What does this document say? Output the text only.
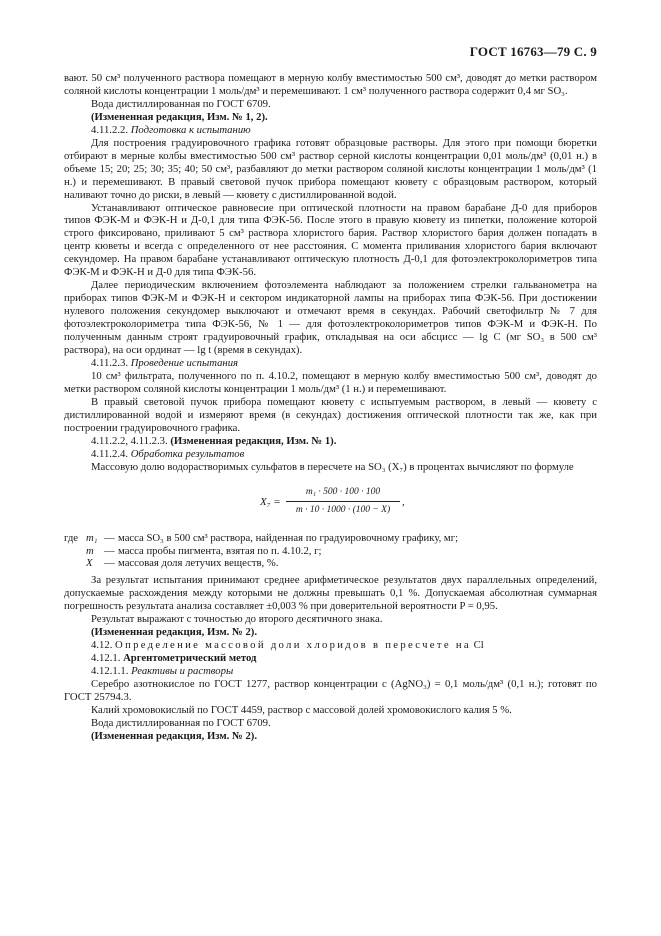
ГОСТ 16763—79 С. 9

вают. 50 см³ полученного раствора помещают в мерную колбу вместимостью 500 см³, доводят до метки раствором соляной кислоты концентрации 1 моль/дм³ и перемешивают. 1 см³ полученного раствора содержит 0,4 мг SO₃.

Вода дистиллированная по ГОСТ 6709.

(Измененная редакция, Изм. № 1, 2).

4.11.2.2. Подготовка к испытанию

Для построения градуировочного графика готовят образцовые растворы. Для этого при помощи бюретки отбирают в мерные колбы вместимостью 500 см³ раствор серной кислоты концентрации 0,01 моль/дм³ (0,01 н.) в объеме 15; 20; 25; 30; 35; 40; 50 см³, разбавляют до метки раствором соляной кислоты концентрации 1 моль/дм³ (1 н.) и перемешивают. В правый световой пучок прибора помещают кювету с образцовым раствором, который наливают точно до риски, в левый — кювету с дистиллированной водой.

Устанавливают оптическое равновесие при оптической плотности на правом барабане Д-0 для приборов типов ФЭК-М и ФЭК-Н и Д-0,1 для типа ФЭК-56. После этого в правую кювету из пипетки, положение которой строго фиксировано, приливают 5 см³ раствора хлористого бария. Раствор хлористого бария должен попадать в центр кюветы и всегда с определенного от нее расстояния. С момента приливания хлористого бария включают секундомер. На правом барабане устанавливают оптическую плотность Д-0,1 для фотоэлектроколориметров типа ФЭК-М и ФЭК-Н и Д-0 для типа ФЭК-56.

Далее периодическим включением фотоэлемента наблюдают за положением стрелки гальванометра на приборах типов ФЭК-М и ФЭК-Н и сектором индикаторной лампы на приборах типа ФЭК-56. При достижении нулевого положения секундомер выключают и отмечают время в секундах. Рабочий светофильтр № 7 для фотоэлектроколориметра типа ФЭК-56, № 1 — для фотоэлектроколориметров типов ФЭК-М и ФЭК-Н. По полученным данным строят градуировочный график, откладывая на оси абсцисс — lg C (мг SO₃ в 500 см³ раствора), на оси ординат — lg t (время в секундах).

4.11.2.3. Проведение испытания

10 см³ фильтрата, полученного по п. 4.10.2, помещают в мерную колбу вместимостью 500 см³, доводят до метки раствором соляной кислоты концентрации 1 моль/дм³ (1 н.) и перемешивают.

В правый световой пучок прибора помещают кювету с испытуемым раствором, в левый — кювету с дистиллированной водой и измеряют время (в секундах) достижения оптической плотности так же, как при построении градуировочного графика.

4.11.2.2, 4.11.2.3. (Измененная редакция, Изм. № 1).

4.11.2.4. Обработка результатов

Массовую долю водорастворимых сульфатов в пересчете на SO₃ (X₇) в процентах вычисляют по формуле

$X_7 = \frac{\text{m₁ · 500 · 100 · 100}}{m \cdot 10 \cdot 1000 \cdot (100 - X)}$ ,
где m₁ — масса SO₃ в 500 см³ раствора, найденная по градуировочному графику, мг;
m — масса пробы пигмента, взятая по п. 4.10.2, г;
X	— массовая доля летучих веществ, %.

За результат испытания принимают среднее арифметическое результатов двух параллельных определений, допускаемые расхождения между которыми не должны превышать 0,1 %. Допускаемая абсолютная суммарная погрешность результата анализа составляет ±0,003 % при доверительной вероятности P = 0,95.

Результат выражают с точностью до второго десятичного знака.

(Измененная редакция, Изм. № 2).

4.12. Определение массовой доли хлоридов в пересчете на Cl

4.12.1. Аргентометрический метод

4.12.1.1. Реактивы и растворы

Серебро азотнокислое по ГОСТ 1277, раствор концентрации c (AgNO₃) = 0,1 моль/дм³ (0,1 н.); готовят по ГОСТ 25794.3.

Калий хромовокислый по ГОСТ 4459, раствор с массовой долей хромовокислого калия 5 %.

Вода дистиллированная по ГОСТ 6709.

(Измененная редакция, Изм. № 2).
